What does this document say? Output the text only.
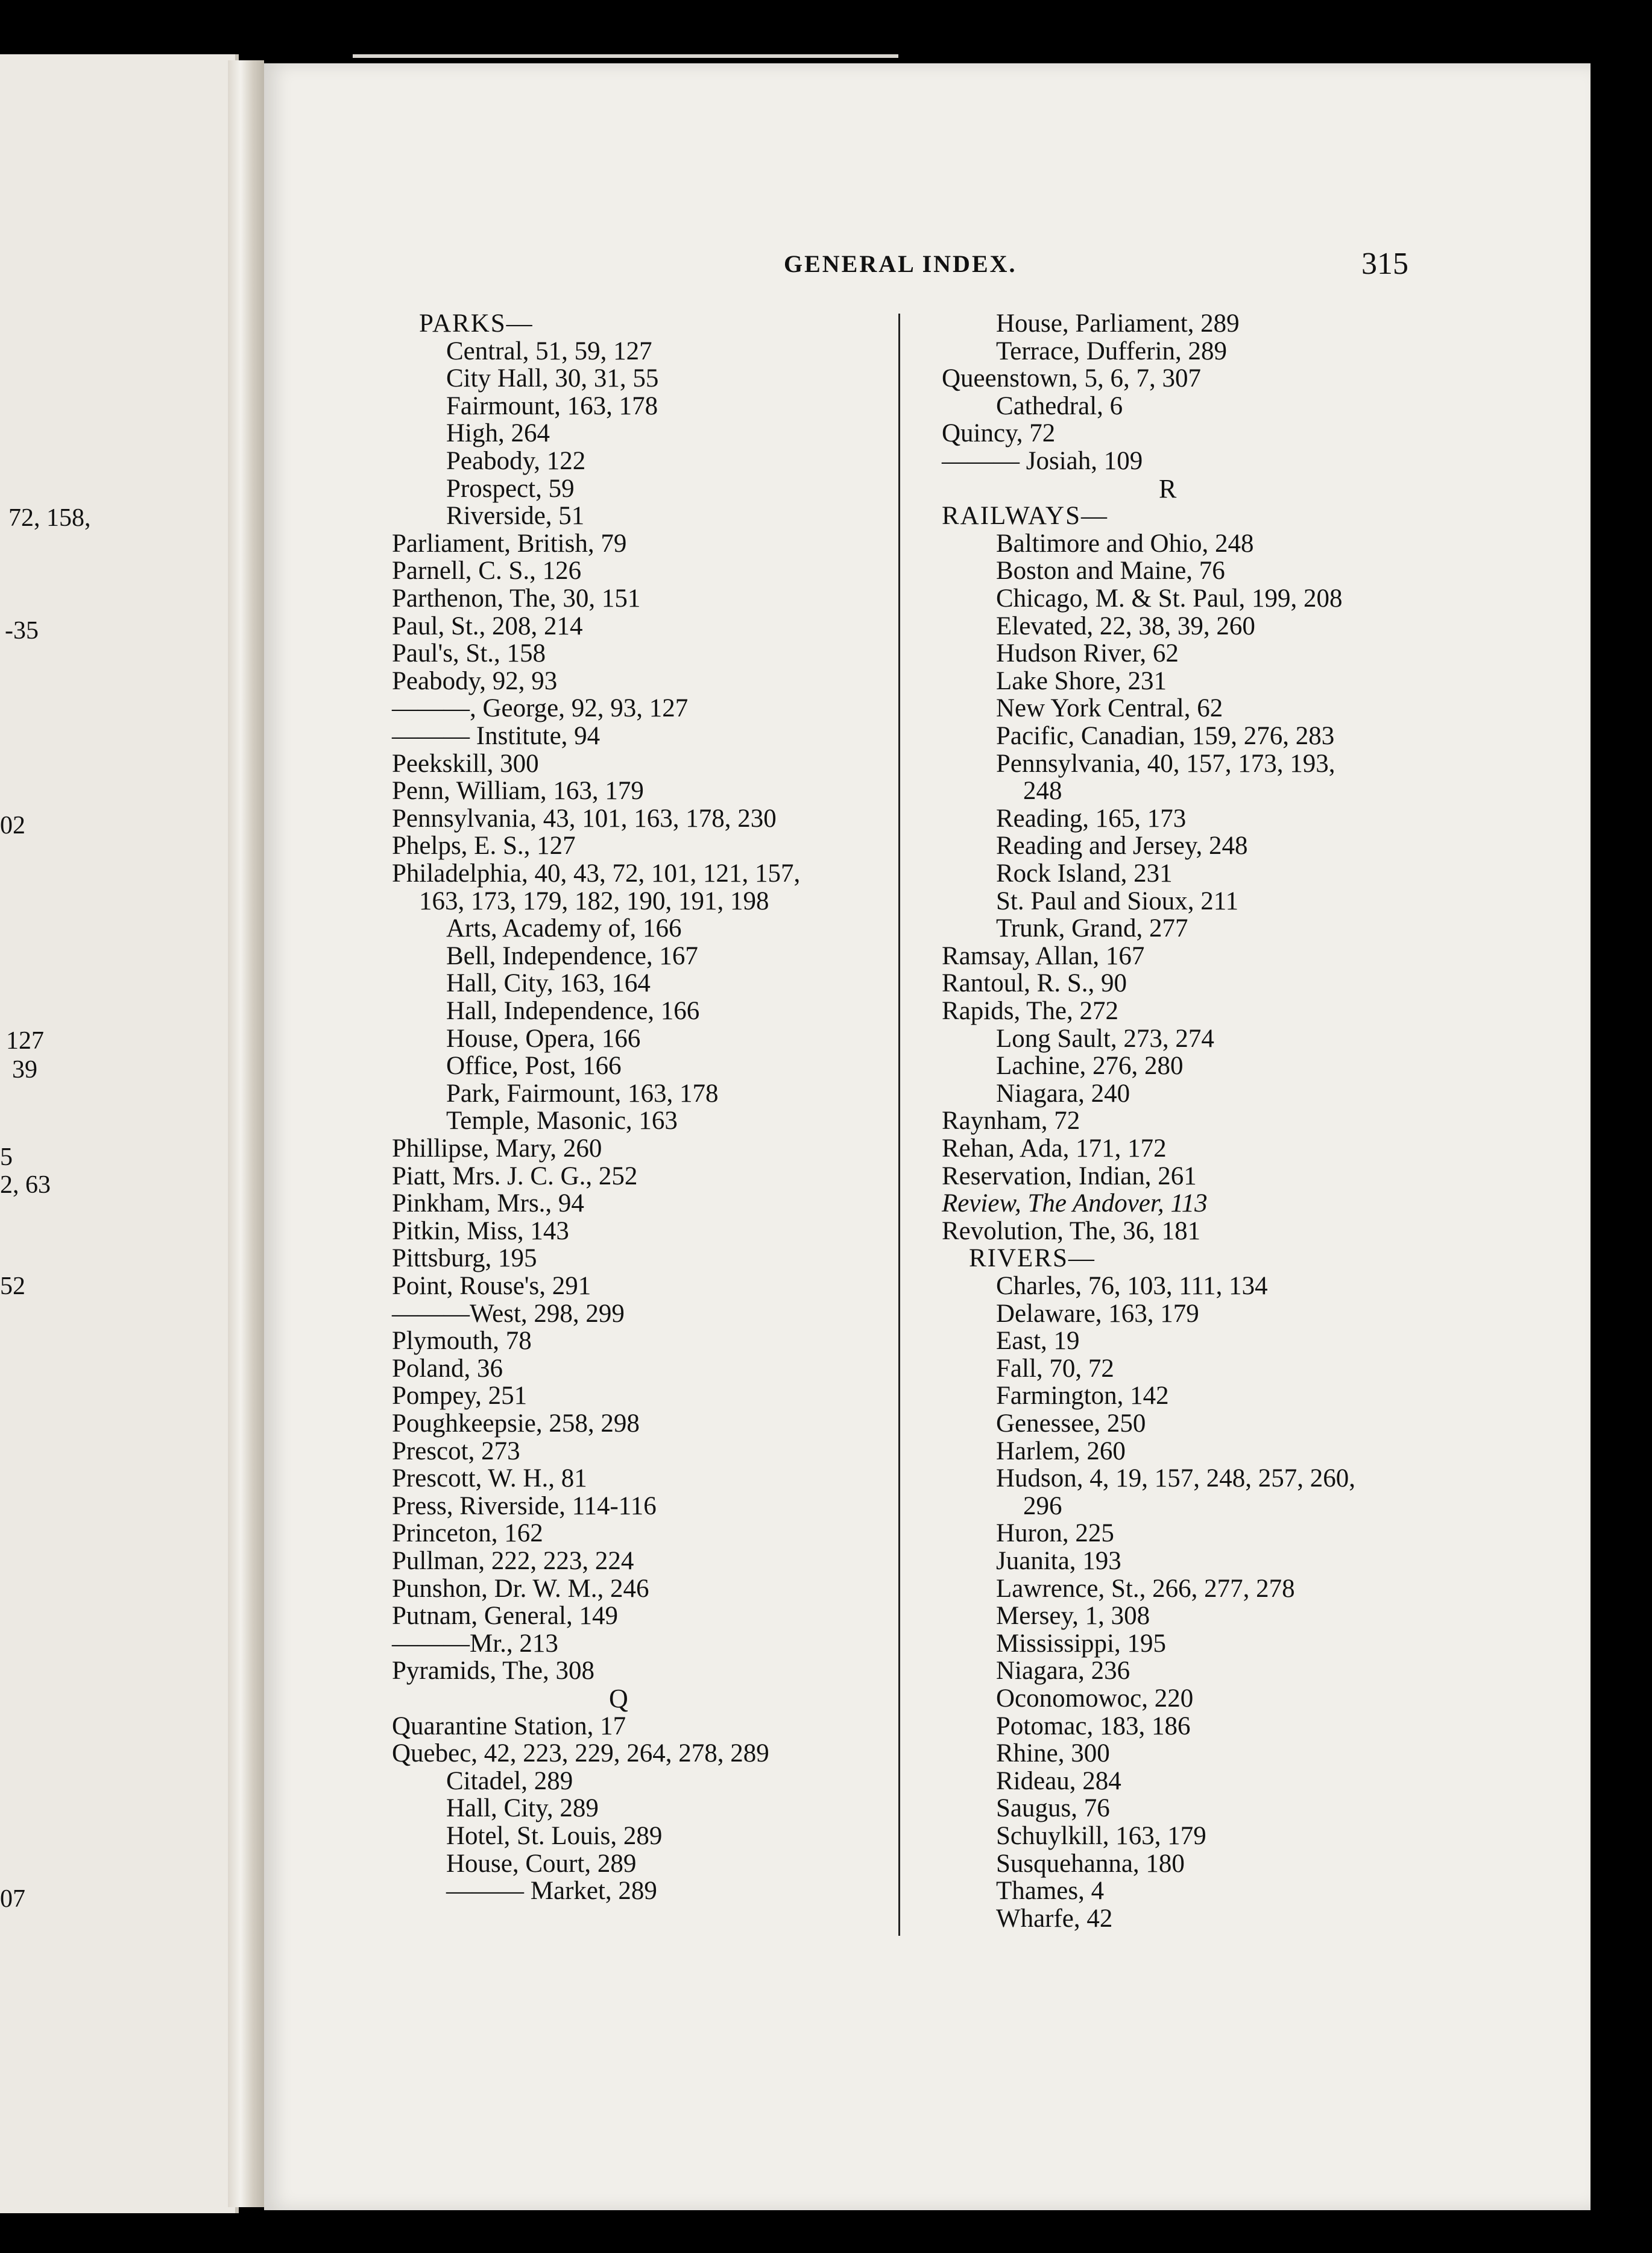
GENERAL INDEX.	315
PARKS—
Central, 51, 59, 127
City Hall, 30, 31, 55
Fairmount, 163, 178
High, 264
Peabody, 122
Prospect, 59
Riverside, 51
Parliament, British, 79
Parnell, C. S., 126
Parthenon, The, 30, 151
Paul, St., 208, 214
Paul's, St., 158
Peabody, 92, 93
———, George, 92, 93, 127
——— Institute, 94
Peekskill, 300
Penn, William, 163, 179
Pennsylvania, 43, 101, 163, 178, 230
Phelps, E. S., 127
Philadelphia, 40, 43, 72, 101, 121, 157,
163, 173, 179, 182, 190, 191, 198
Arts, Academy of, 166
Bell, Independence, 167
Hall, City, 163, 164
Hall, Independence, 166
House, Opera, 166
Office, Post, 166
Park, Fairmount, 163, 178
Temple, Masonic, 163
Phillipse, Mary, 260
Piatt, Mrs. J. C. G., 252
Pinkham, Mrs., 94
Pitkin, Miss, 143
Pittsburg, 195
Point, Rouse's, 291
———West, 298, 299
Plymouth, 78
Poland, 36
Pompey, 251
Poughkeepsie, 258, 298
Prescot, 273
Prescott, W. H., 81
Press, Riverside, 114-116
Princeton, 162
Pullman, 222, 223, 224
Punshon, Dr. W. M., 246
Putnam, General, 149
———Mr., 213
Pyramids, The, 308
Q
Quarantine Station, 17
Quebec, 42, 223, 229, 264, 278, 289
Citadel, 289
Hall, City, 289
Hotel, St. Louis, 289
House, Court, 289
——— Market, 289
House, Parliament, 289
Terrace, Dufferin, 289
Queenstown, 5, 6, 7, 307
Cathedral, 6
Quincy, 72
——— Josiah, 109
R
RAILWAYS—
Baltimore and Ohio, 248
Boston and Maine, 76
Chicago, M. & St. Paul, 199, 208
Elevated, 22, 38, 39, 260
Hudson River, 62
Lake Shore, 231
New York Central, 62
Pacific, Canadian, 159, 276, 283
Pennsylvania, 40, 157, 173, 193,
248
Reading, 165, 173
Reading and Jersey, 248
Rock Island, 231
St. Paul and Sioux, 211
Trunk, Grand, 277
Ramsay, Allan, 167
Rantoul, R. S., 90
Rapids, The, 272
Long Sault, 273, 274
Lachine, 276, 280
Niagara, 240
Raynham, 72
Rehan, Ada, 171, 172
Reservation, Indian, 261
Review, The Andover, 113
Revolution, The, 36, 181
RIVERS—
Charles, 76, 103, 111, 134
Delaware, 163, 179
East, 19
Fall, 70, 72
Farmington, 142
Genessee, 250
Harlem, 260
Hudson, 4, 19, 157, 248, 257, 260,
296
Huron, 225
Juanita, 193
Lawrence, St., 266, 277, 278
Mersey, 1, 308
Mississippi, 195
Niagara, 236
Oconomowoc, 220
Potomac, 183, 186
Rhine, 300
Rideau, 284
Saugus, 76
Schuylkill, 163, 179
Susquehanna, 180
Thames, 4
Wharfe, 42
72, 158,
-35
02
127
39
5
2, 63
52
07
